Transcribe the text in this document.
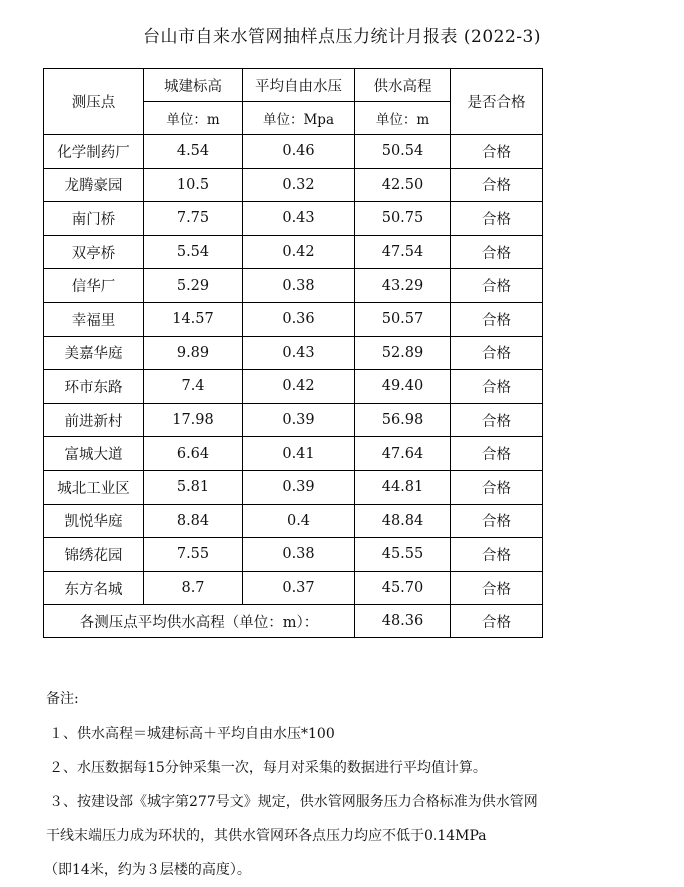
台山市自来水管网抽样点压力统计月报表 (2022-3)
测压点	城建标高	平均自由水压	供水高程	是否合格
	单位：m	单位：Mpa	单位：m	
化学制药厂	4.54	0.46	50.54	合格
龙腾豪园	10.5	0.32	42.50	合格
南门桥	7.75	0.43	50.75	合格
双亭桥	5.54	0.42	47.54	合格
信华厂	5.29	0.38	43.29	合格
幸福里	14.57	0.36	50.57	合格
美嘉华庭	9.89	0.43	52.89	合格
环市东路	7.4	0.42	49.40	合格
前进新村	17.98	0.39	56.98	合格
富城大道	6.64	0.41	47.64	合格
城北工业区	5.81	0.39	44.81	合格
凯悦华庭	8.84	0.4	48.84	合格
锦绣花园	7.55	0.38	45.55	合格
东方名城	8.7	0.37	45.70	合格
各测压点平均供水高程（单位：m）：			48.36	合格
备注:
１、供水高程＝城建标高＋平均自由水压*100
２、水压数据每15分钟采集一次，每月对采集的数据进行平均值计算。
３、按建设部《城字第277号文》规定，供水管网服务压力合格标准为供水管网
干线末端压力成为环状的，其供水管网环各点压力均应不低于0.14MPa
（即14米，约为３层楼的高度）。
